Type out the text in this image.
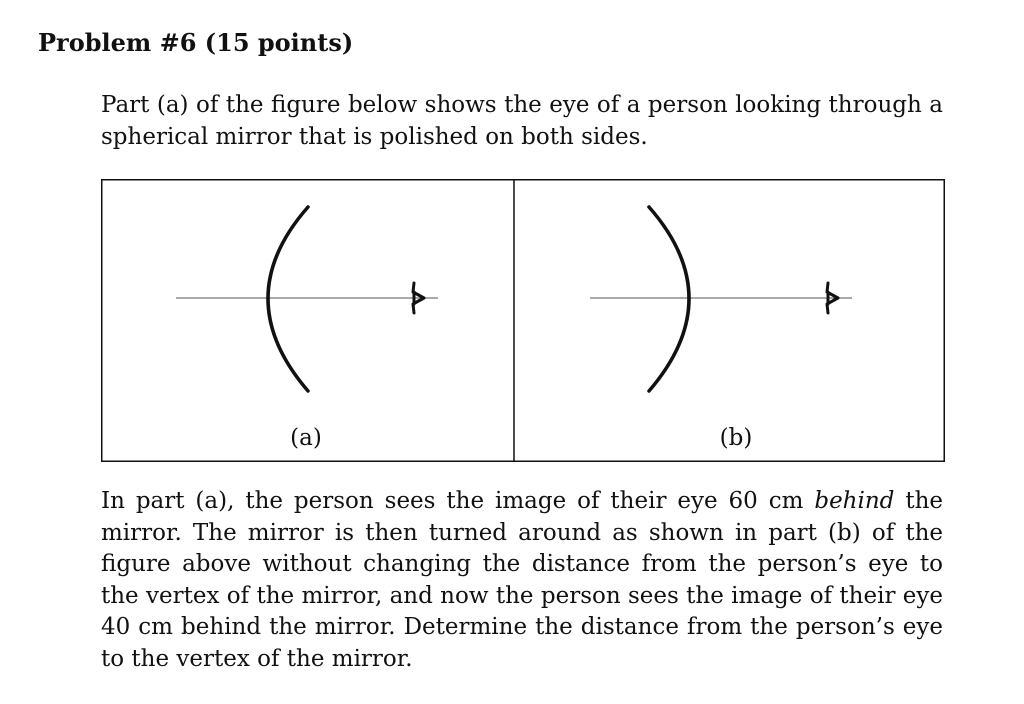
Problem #6 (15 points)

Part (a) of the figure below shows the eye of a person looking through a spherical mirror that is polished on both sides.

(a)	(b)

In part (a), the person sees the image of their eye 60 cm behind the mirror. The mirror is then turned around as shown in part (b) of the figure above without changing the distance from the person’s eye to the vertex of the mirror, and now the person sees the image of their eye 40 cm behind the mirror. Determine the distance from the person’s eye to the vertex of the mirror.
